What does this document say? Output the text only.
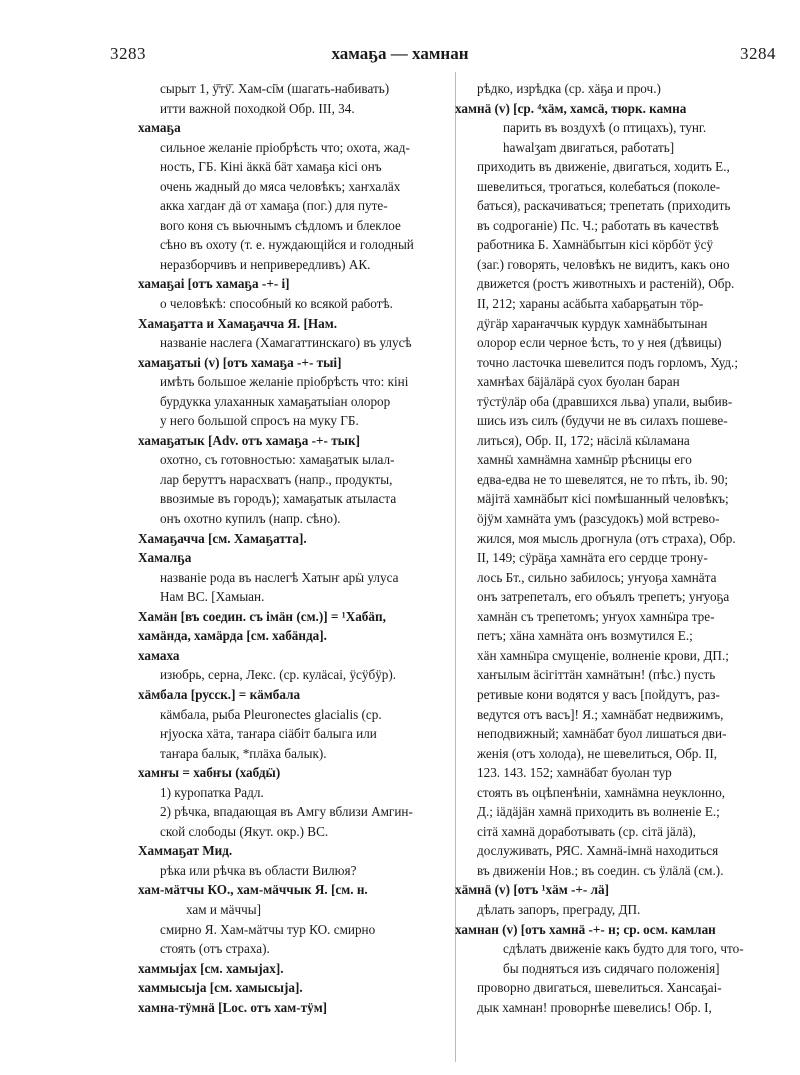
3283	хамаҕа — хамнан	3284
сырыт 1, ӱ̄тӱ̄. Хам-сі̄м (шагать-набивать)
итти важной походкой Обр. III, 34.
хамаҕа
сильное желаніе пріобрѣсть что; охота, жад-
ность, ГБ. Кіні ӓккӓ бӓт хамаҕа кісі онъ
очень жадный до мяса человѣкъ; хаҥхалӓх
акка хагдаҥ дӓ от хамаҕа (пог.) для путе-
вого коня съ вьючнымъ сѣдломъ и блеклое
сѣно въ охоту (т. е. нуждающійся и голодный
неразборчивъ и непривередливъ) АК.
хамаҕаі [отъ хамаҕа -+- і]
о человѣкѣ: способный ко всякой работѣ.
Хамаҕатта и Хамаҕачча Я. [Нам.
названіе наслега (Хамагаттинскаго) въ улусѣ
хамаҕатыі (v) [отъ хамаҕа -+- тыі]
имѣть большое желаніе пріобрѣсть что: кіні
бурдукка улаханнык хамаҕатыіан олорор
у него большой спросъ на муку ГБ.
хамаҕатык [Adv. отъ хамаҕа -+- тык]
охотно, съ готовностью: хамаҕатык ылал-
лар беруттъ нарасхватъ (напр., продукты,
ввозимые въ городъ); хамаҕатык атыласта
онъ охотно купилъ (напр. сѣно).
Хамаҕачча [см. Хамаҕатта].
Хамалҕа
названіе рода въ наслегѣ Хатыҥ арӹ улуса
Нам ВС. [Хамыан.
Хамӓн [въ соедин. съ імӓн (см.)] = ¹Хабӓп,
хамӓнда, хамӓрда [см. хабӓнда].
хамаха
изюбрь, серна, Лекс. (ср. кулӓсаі, ӱсӱбӱр).
хӓмбала [русск.] = кӓмбала
кӓмбала, рыба Pleuronectes glacialis (ср.
ҥјуоска хӓта, таҥара сіӓбіт балыга или
таҥара балык, *плӓха балык).
хамҥы = хабҥы (хабдӹ)
1) куропатка Радл.
2) рѣчка, впадающая въ Амгу вблизи Амгин-
ской слободы (Якут. окр.) ВС.
Хаммаҕат Мид.
рѣка или рѣчка въ области Вилюя?
хам-мӓтчы КО., хам-мӓччык Я. [см. н.
хам и мӓччы]
смирно Я. Хам-мӓтчы тур КО. смирно
стоять (отъ страха).
хаммыјах [см. хамыјах].
хаммысыја [см. хамысыја].
хамна-тӱмнӓ [Loc. отъ хам-тӱм]
рѣдко, изрѣдка (ср. хӓҕа и проч.)
хамнӓ (v) [ср. ⁴хӓм, хамсӓ, тюрк. камна
парить въ воздухѣ (о птицахъ), тунг.
hawalʒam двигаться, работать]
приходить въ движеніе, двигаться, ходить Е.,
шевелиться, трогаться, колебаться (поколе-
баться), раскачиваться; трепетать (приходить
въ содроганіе) Пс. Ч.; работать въ качествѣ
работника Б. Хамнӓбытын кісі кӧрбӧт ӱсӱ
(заг.) говорять, человѣкъ не видитъ, какъ оно
движется (ростъ животныхъ и растеній), Обр.
II, 212; хараны асӓбыта хабарҕатын тӧр-
дӱгӓр хараҥаччык курдук хамнӓбытынан
олорор если черное ѣсть, то у нея (дѣвицы)
точно ласточка шевелится подъ горломъ, Худ.;
хамнѣах бӓјӓлӓрӓ суох буолан баран
тӱстӱлӓр оба (дравшихся льва) упали, выбив-
шись изъ силъ (будучи не въ силахъ пошеве-
литься), Обр. II, 172; нӓсілӓ кӹламана
хамнӹ хамнӓмна хамнӹр рѣсницы его
едва-едва не то шевелятся, не то пѣть, ib. 90;
мӓјітӓ хамнӓбыт кісі помѣшанный человѣкъ;
ӧјӱм хамнӓта умъ (разсудокъ) мой встрево-
жился, моя мысль дрогнула (отъ страха), Обр.
II, 149; сӱрӓҕа хамнӓта его сердце трону-
лось Бт., сильно забилось; уҥуоҕа хамнӓта
онъ затрепеталъ, его объялъ трепетъ; уҥуоҕа
хамнӓн съ трепетомъ; уҥуох хамнӹра тре-
петъ; хӓна хамнӓта онъ возмутился Е.;
хӓн хамнӹра смущеніе, волненіе крови, ДП.;
хаҥылым ӓсігіттӓн хамнӓтын! (пѣс.) пусть
ретивые кони водятся у васъ [пойдутъ, раз-
ведутся отъ васъ]! Я.; хамнӓбат недвижимъ,
неподвижный; хамнӓбат буол лишаться дви-
женія (отъ холода), не шевелиться, Обр. II,
123. 143. 152; хамнӓбат буолан тур
стоять въ оцѣпенѣніи, хамнӓмна неуклонно,
Д.; іӓдӓјӓн хамнӓ приходить въ волненіе Е.;
сітӓ хамнӓ доработывать (ср. сітӓ јӓлӓ),
дослуживать, РЯС. Хамнӓ-імнӓ находиться
въ движеніи Нов.; въ соедин. съ ӱлӓлӓ (см.).
хӓмнӓ (v) [отъ ¹хӓм -+- лӓ]
дѣлать запоръ, преграду, ДП.
хамнан (v) [отъ хамнӓ -+- н; ср. осм. камлан
сдѣлать движеніе какъ будто для того, что-
бы подняться изъ сидячаго положенія]
проворно двигаться, шевелиться. Хансаҕаі-
дык хамнан! проворнѣе шевелись! Обр. I,
